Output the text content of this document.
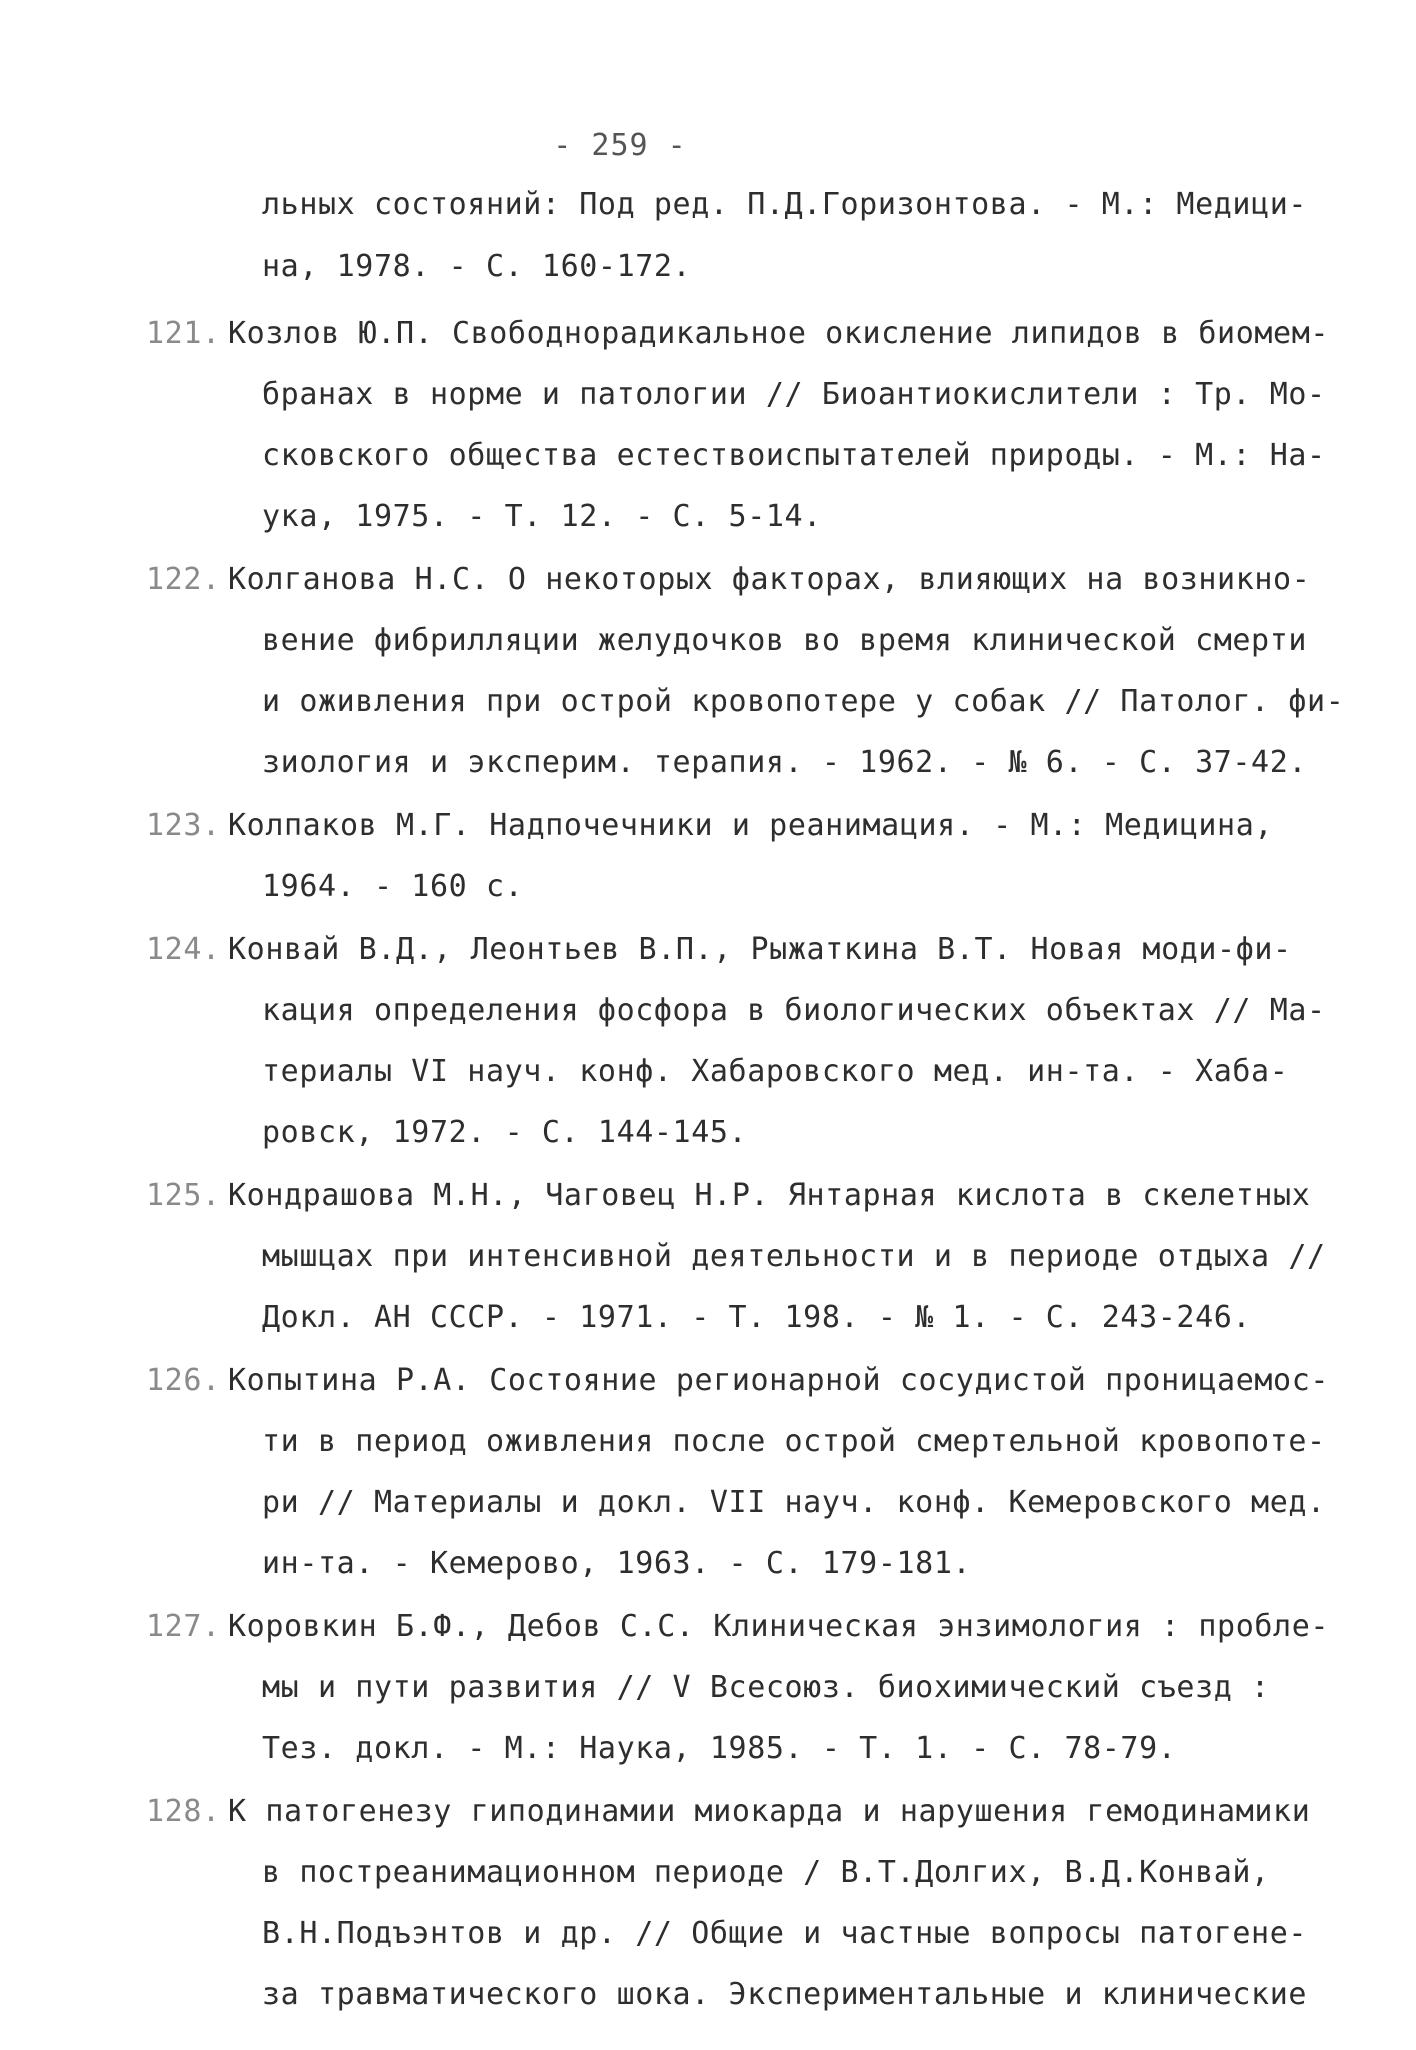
- 259 -
льных состояний: Под ред. П.Д.Горизонтова. - М.: Медици-
на, 1978. - С. 160-172.
121. Козлов Ю.П. Свободнорадикальное окисление липидов в биомем-
бранах в норме и патологии // Биоантиокислители : Тр. Мо-
сковского общества естествоиспытателей природы. - М.: На-
ука, 1975. - Т. 12. - С. 5-14.
122. Колганова Н.С. О некоторых факторах, влияющих на возникно-
вение фибрилляции желудочков во время клинической смерти
и оживления при острой кровопотере у собак // Патолог. фи-
зиология и эксперим. терапия. - 1962. - № 6. - С. 37-42.
123. Колпаков М.Г. Надпочечники и реанимация. - М.: Медицина,
1964. - 160 с.
124. Конвай В.Д., Леонтьев В.П., Рыжаткина В.Т. Новая моди-фи-
кация определения фосфора в биологических объектах // Ма-
териалы VI науч. конф. Хабаровского мед. ин-та. - Хаба-
ровск, 1972. - С. 144-145.
125. Кондрашова М.Н., Чаговец Н.Р. Янтарная кислота в скелетных
мышцах при интенсивной деятельности и в периоде отдыха //
Докл. АН СССР. - 1971. - Т. 198. - № 1. - С. 243-246.
126. Копытина Р.А. Состояние регионарной сосудистой проницаемос-
ти в период оживления после острой смертельной кровопоте-
ри // Материалы и докл. VII науч. конф. Кемеровского мед.
ин-та. - Кемерово, 1963. - С. 179-181.
127. Коровкин Б.Ф., Дебов С.С. Клиническая энзимология : пробле-
мы и пути развития // V Всесоюз. биохимический съезд :
Тез. докл. - М.: Наука, 1985. - Т. 1. - С. 78-79.
128. К патогенезу гиподинамии миокарда и нарушения гемодинамики
в постреанимационном периоде / В.Т.Долгих, В.Д.Конвай,
В.Н.Подъэнтов и др. // Общие и частные вопросы патогене-
за травматического шока. Экспериментальные и клинические
